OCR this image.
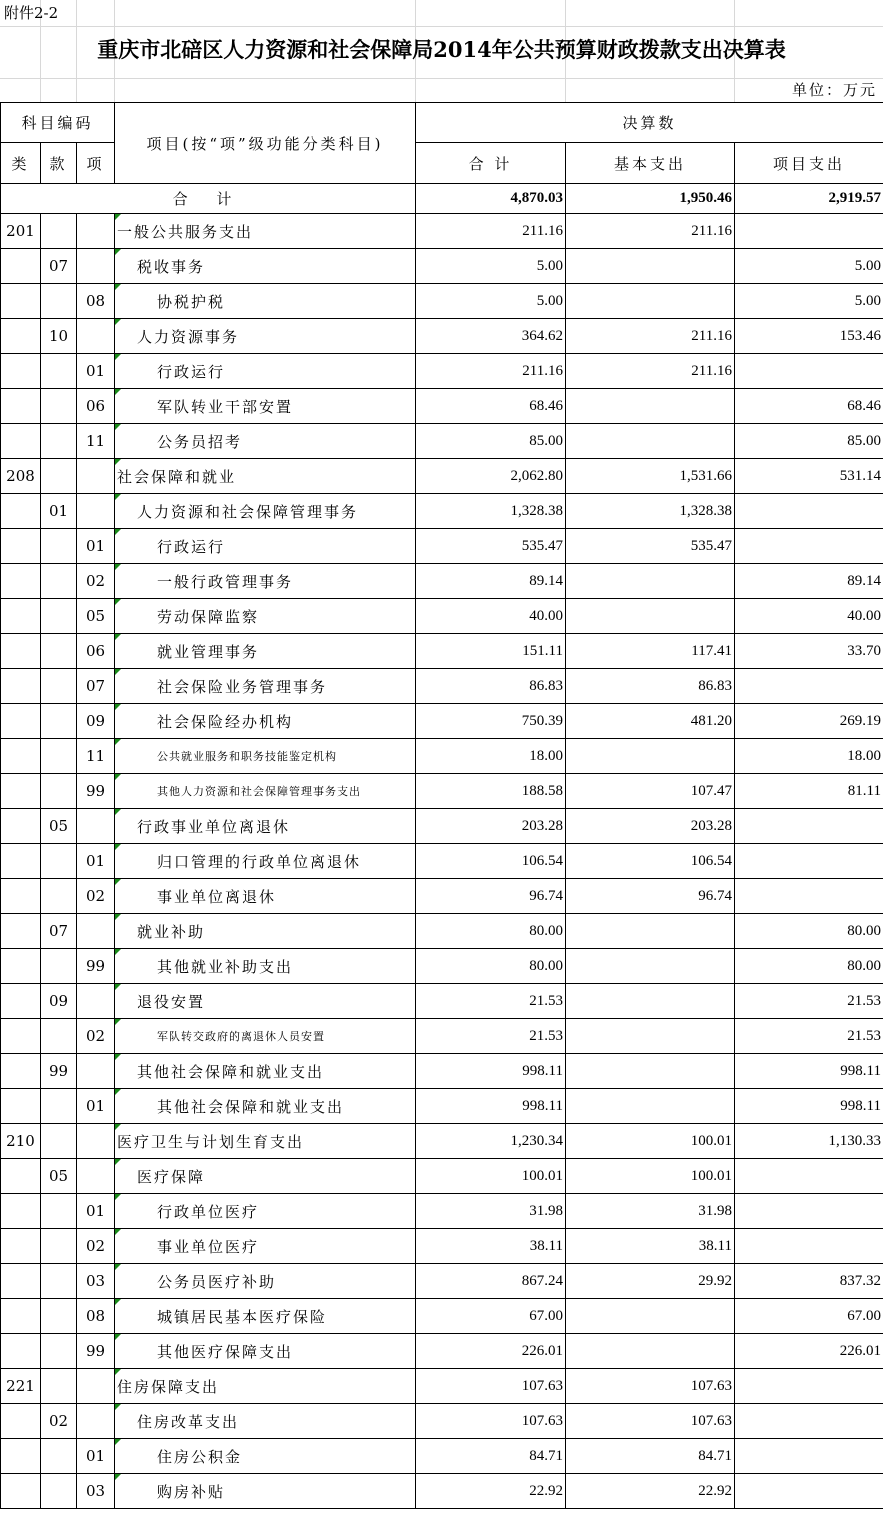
附件2-2
重庆市北碚区人力资源和社会保障局2014年公共预算财政拨款支出决算表
单位：万元
科目编码			项目(按“项”级功能分类科目)	决算数		
类	款	项		合 计	基本支出	项目支出
合 计				4,870.03	1,950.46	2,919.57
201			一般公共服务支出	211.16	211.16	
	07		税收事务	5.00		5.00
		08	协税护税	5.00		5.00
	10		人力资源事务	364.62	211.16	153.46
		01	行政运行	211.16	211.16	
		06	军队转业干部安置	68.46		68.46
		11	公务员招考	85.00		85.00
208			社会保障和就业	2,062.80	1,531.66	531.14
	01		人力资源和社会保障管理事务	1,328.38	1,328.38	
		01	行政运行	535.47	535.47	
		02	一般行政管理事务	89.14		89.14
		05	劳动保障监察	40.00		40.00
		06	就业管理事务	151.11	117.41	33.70
		07	社会保险业务管理事务	86.83	86.83	
		09	社会保险经办机构	750.39	481.20	269.19
		11	公共就业服务和职务技能鉴定机构	18.00		18.00
		99	其他人力资源和社会保障管理事务支出	188.58	107.47	81.11
	05		行政事业单位离退休	203.28	203.28	
		01	归口管理的行政单位离退休	106.54	106.54	
		02	事业单位离退休	96.74	96.74	
	07		就业补助	80.00		80.00
		99	其他就业补助支出	80.00		80.00
	09		退役安置	21.53		21.53
		02	军队转交政府的离退休人员安置	21.53		21.53
	99		其他社会保障和就业支出	998.11		998.11
		01	其他社会保障和就业支出	998.11		998.11
210			医疗卫生与计划生育支出	1,230.34	100.01	1,130.33
	05		医疗保障	100.01	100.01	
		01	行政单位医疗	31.98	31.98	
		02	事业单位医疗	38.11	38.11	
		03	公务员医疗补助	867.24	29.92	837.32
		08	城镇居民基本医疗保险	67.00		67.00
		99	其他医疗保障支出	226.01		226.01
221			住房保障支出	107.63	107.63	
	02		住房改革支出	107.63	107.63	
		01	住房公积金	84.71	84.71	
		03	购房补贴	22.92	22.92	
